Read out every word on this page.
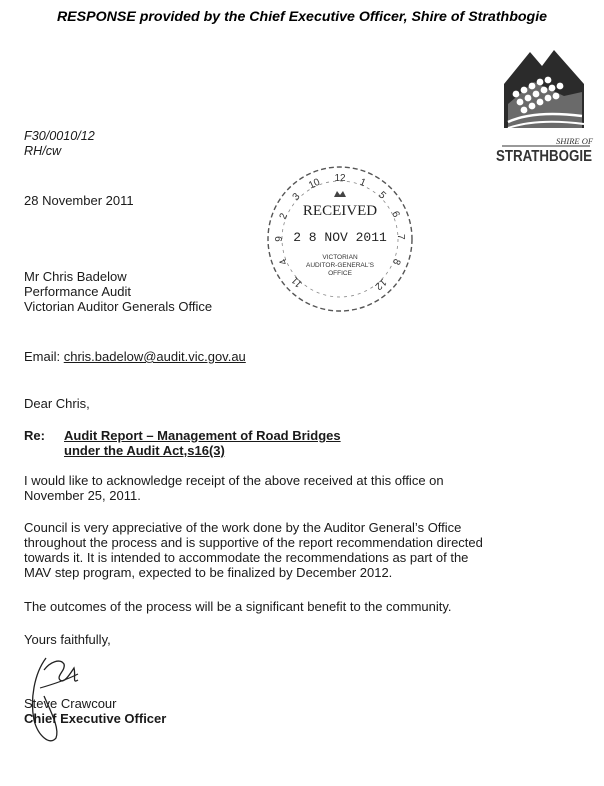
RESPONSE provided by the Chief Executive Officer, Shire of Strathbogie
SHIRE OF
STRATHBOGIE
F30/0010/12
RH/cw
28 November 2011
12 1
2
3
4
5
6
7
8
9
10
11	12
RECEIVED
2 8 NOV 2011
VICTORIAN
AUDITOR-GENERAL'S
OFFICE
Mr Chris Badelow
Performance Audit
Victorian Auditor Generals Office
Email: chris.badelow@audit.vic.gov.au
Dear Chris,
Re: Audit Report – Management of Road Bridges
under the Audit Act,s16(3)
I would like to acknowledge receipt of the above received at this office on
November 25, 2011.
Council is very appreciative of the work done by the Auditor General’s Office
throughout the process and is supportive of the report recommendation directed
towards it. It is intended to accommodate the recommendations as part of the
MAV step program, expected to be finalized by December 2012.
The outcomes of the process will be a significant benefit to the community.
Yours faithfully,
Steve Crawcour
Chief Executive Officer
